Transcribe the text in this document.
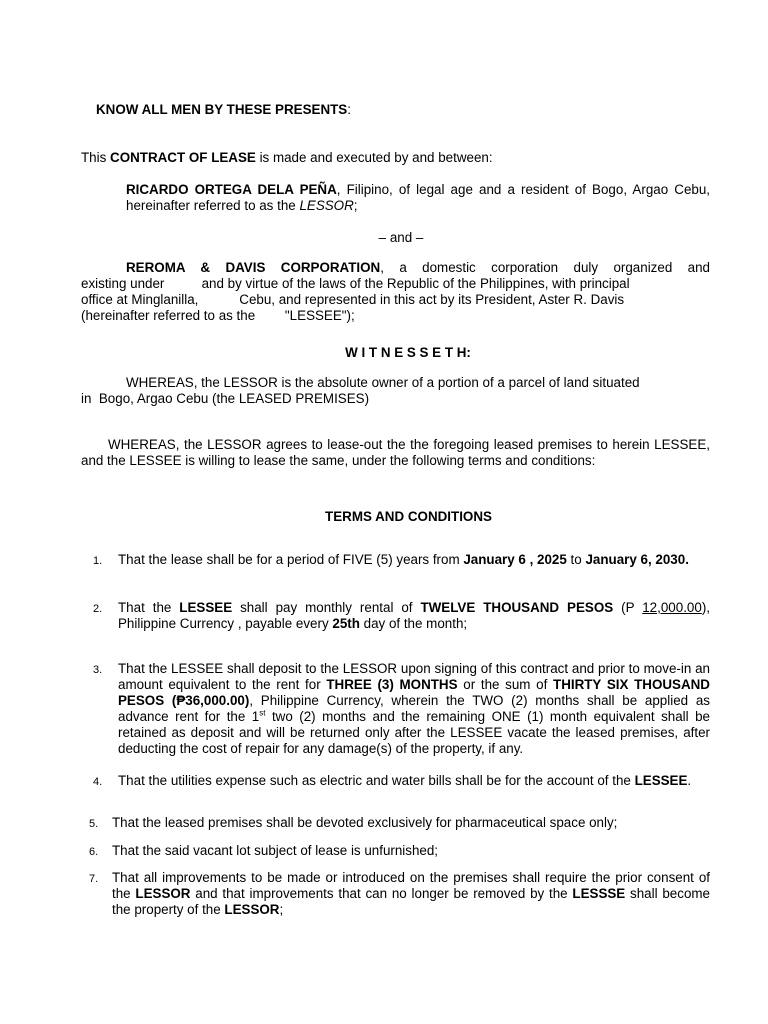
KNOW ALL MEN BY THESE PRESENTS:

This CONTRACT OF LEASE is made and executed by and between:

RICARDO ORTEGA DELA PEÑA, Filipino, of legal age and a resident of Bogo, Argao Cebu, hereinafter referred to as the LESSOR;

– and –

REROMA & DAVIS CORPORATION, a domestic corporation duly organized and
existing under          and by virtue of the laws of the Republic of the Philippines, with principal
office at Minglanilla,           Cebu, and represented in this act by its President, Aster R. Davis
(hereinafter referred to as the        "LESSEE");

W I T N E S S E T H:

WHEREAS, the LESSOR is the absolute owner of a portion of a parcel of land situated
in  Bogo, Argao Cebu (the LEASED PREMISES)

WHEREAS, the LESSOR agrees to lease-out the the foregoing leased premises to herein LESSEE, and the LESSEE is willing to lease the same, under the following terms and conditions:

TERMS AND CONDITIONS

1. That the lease shall be for a period of FIVE (5) years from January 6 , 2025 to January 6, 2030.

2. That the LESSEE shall pay monthly rental of TWELVE THOUSAND PESOS (P 12,000.00), Philippine Currency , payable every 25th day of the month;

3. That the LESSEE shall deposit to the LESSOR upon signing of this contract and prior to move-in an amount equivalent to the rent for THREE (3) MONTHS or the sum of THIRTY SIX THOUSAND PESOS (₱36,000.00), Philippine Currency, wherein the TWO (2) months shall be applied as advance rent for the 1st two (2) months and the remaining ONE (1) month equivalent shall be retained as deposit and will be returned only after the LESSEE vacate the leased premises, after deducting the cost of repair for any damage(s) of the property, if any.

4. That the utilities expense such as electric and water bills shall be for the account of the LESSEE.

5. That the leased premises shall be devoted exclusively for pharmaceutical space only;

6. That the said vacant lot subject of lease is unfurnished;

7. That all improvements to be made or introduced on the premises shall require the prior consent of the LESSOR and that improvements that can no longer be removed by the LESSSE shall become the property of the LESSOR;
